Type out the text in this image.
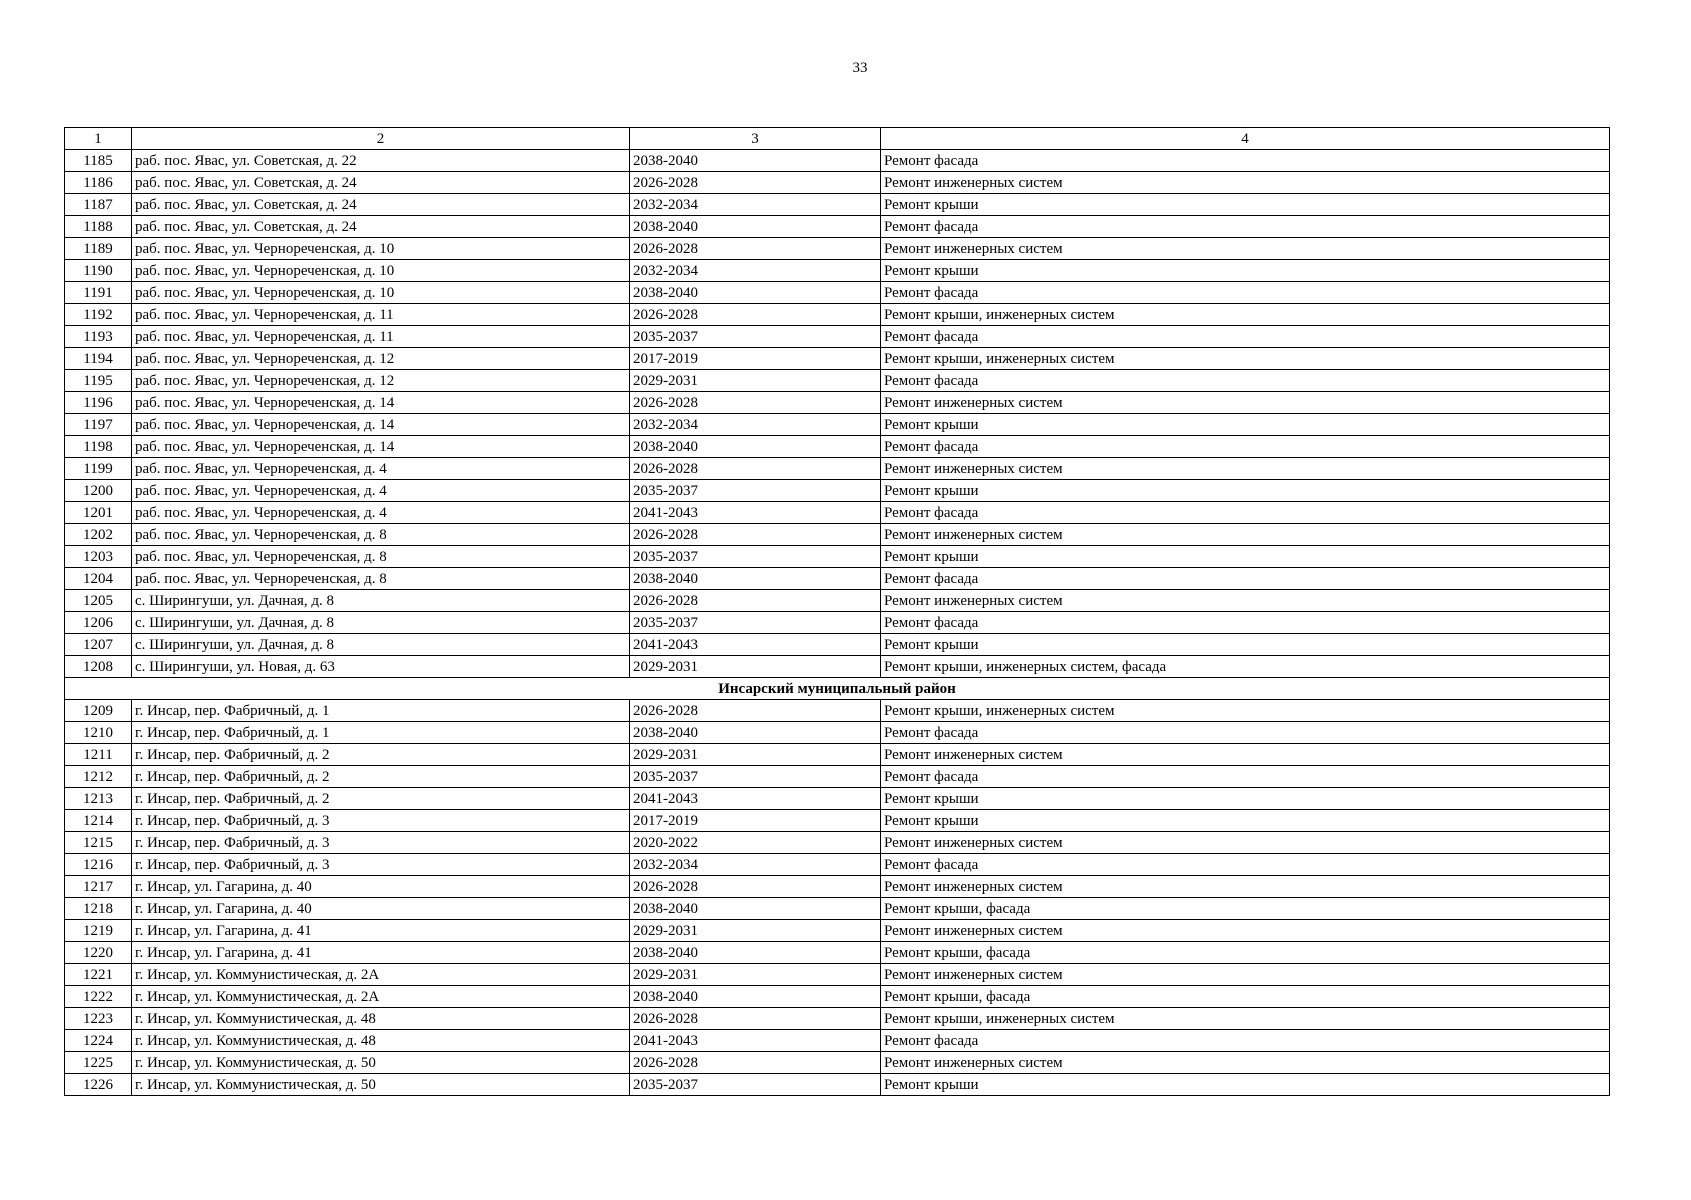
33
1	2	3	4
1185	раб. пос. Явас, ул. Советская, д. 22	2038-2040	Ремонт фасада
1186	раб. пос. Явас, ул. Советская, д. 24	2026-2028	Ремонт инженерных систем
1187	раб. пос. Явас, ул. Советская, д. 24	2032-2034	Ремонт крыши
1188	раб. пос. Явас, ул. Советская, д. 24	2038-2040	Ремонт фасада
1189	раб. пос. Явас, ул. Чернореченская, д. 10	2026-2028	Ремонт инженерных систем
1190	раб. пос. Явас, ул. Чернореченская, д. 10	2032-2034	Ремонт крыши
1191	раб. пос. Явас, ул. Чернореченская, д. 10	2038-2040	Ремонт фасада
1192	раб. пос. Явас, ул. Чернореченская, д. 11	2026-2028	Ремонт крыши, инженерных систем
1193	раб. пос. Явас, ул. Чернореченская, д. 11	2035-2037	Ремонт фасада
1194	раб. пос. Явас, ул. Чернореченская, д. 12	2017-2019	Ремонт крыши, инженерных систем
1195	раб. пос. Явас, ул. Чернореченская, д. 12	2029-2031	Ремонт фасада
1196	раб. пос. Явас, ул. Чернореченская, д. 14	2026-2028	Ремонт инженерных систем
1197	раб. пос. Явас, ул. Чернореченская, д. 14	2032-2034	Ремонт крыши
1198	раб. пос. Явас, ул. Чернореченская, д. 14	2038-2040	Ремонт фасада
1199	раб. пос. Явас, ул. Чернореченская, д. 4	2026-2028	Ремонт инженерных систем
1200	раб. пос. Явас, ул. Чернореченская, д. 4	2035-2037	Ремонт крыши
1201	раб. пос. Явас, ул. Чернореченская, д. 4	2041-2043	Ремонт фасада
1202	раб. пос. Явас, ул. Чернореченская, д. 8	2026-2028	Ремонт инженерных систем
1203	раб. пос. Явас, ул. Чернореченская, д. 8	2035-2037	Ремонт крыши
1204	раб. пос. Явас, ул. Чернореченская, д. 8	2038-2040	Ремонт фасада
1205	с. Ширингуши, ул. Дачная, д. 8	2026-2028	Ремонт инженерных систем
1206	с. Ширингуши, ул. Дачная, д. 8	2035-2037	Ремонт фасада
1207	с. Ширингуши, ул. Дачная, д. 8	2041-2043	Ремонт крыши
1208	с. Ширингуши, ул. Новая, д. 63	2029-2031	Ремонт крыши, инженерных систем, фасада
Инсарский муниципальный район			
1209	г. Инсар, пер. Фабричный, д. 1	2026-2028	Ремонт крыши, инженерных систем
1210	г. Инсар, пер. Фабричный, д. 1	2038-2040	Ремонт фасада
1211	г. Инсар, пер. Фабричный, д. 2	2029-2031	Ремонт инженерных систем
1212	г. Инсар, пер. Фабричный, д. 2	2035-2037	Ремонт фасада
1213	г. Инсар, пер. Фабричный, д. 2	2041-2043	Ремонт крыши
1214	г. Инсар, пер. Фабричный, д. 3	2017-2019	Ремонт крыши
1215	г. Инсар, пер. Фабричный, д. 3	2020-2022	Ремонт инженерных систем
1216	г. Инсар, пер. Фабричный, д. 3	2032-2034	Ремонт фасада
1217	г. Инсар, ул. Гагарина, д. 40	2026-2028	Ремонт инженерных систем
1218	г. Инсар, ул. Гагарина, д. 40	2038-2040	Ремонт крыши, фасада
1219	г. Инсар, ул. Гагарина, д. 41	2029-2031	Ремонт инженерных систем
1220	г. Инсар, ул. Гагарина, д. 41	2038-2040	Ремонт крыши, фасада
1221	г. Инсар, ул. Коммунистическая, д. 2А	2029-2031	Ремонт инженерных систем
1222	г. Инсар, ул. Коммунистическая, д. 2А	2038-2040	Ремонт крыши, фасада
1223	г. Инсар, ул. Коммунистическая, д. 48	2026-2028	Ремонт крыши, инженерных систем
1224	г. Инсар, ул. Коммунистическая, д. 48	2041-2043	Ремонт фасада
1225	г. Инсар, ул. Коммунистическая, д. 50	2026-2028	Ремонт инженерных систем
1226	г. Инсар, ул. Коммунистическая, д. 50	2035-2037	Ремонт крыши
